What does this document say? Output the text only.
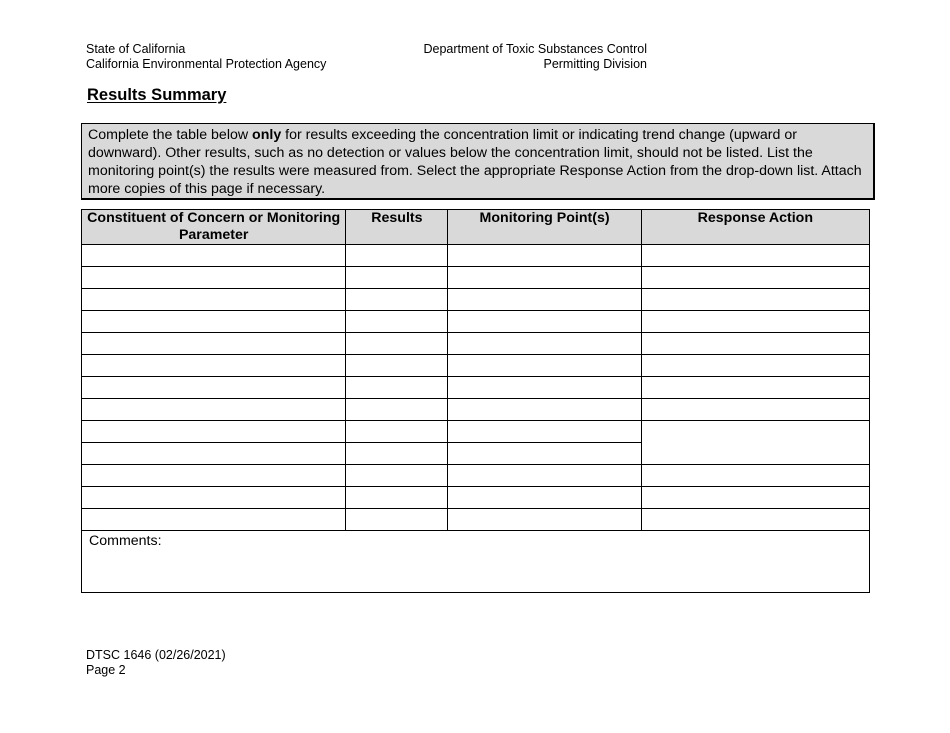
State of California
California Environmental Protection Agency
Department of Toxic Substances Control
Permitting Division
Results Summary

Complete the table below only for results exceeding the concentration limit or indicating trend change (upward or downward). Other results, such as no detection or values below the concentration limit, should not be listed. List the monitoring point(s) the results were measured from. Select the appropriate Response Action from the drop-down list. Attach more copies of this page if necessary.

Constituent of Concern or Monitoring Parameter	Results	Monitoring Point(s)	Response Action

Comments:			
DTSC 1646 (02/26/2021)
Page 2
